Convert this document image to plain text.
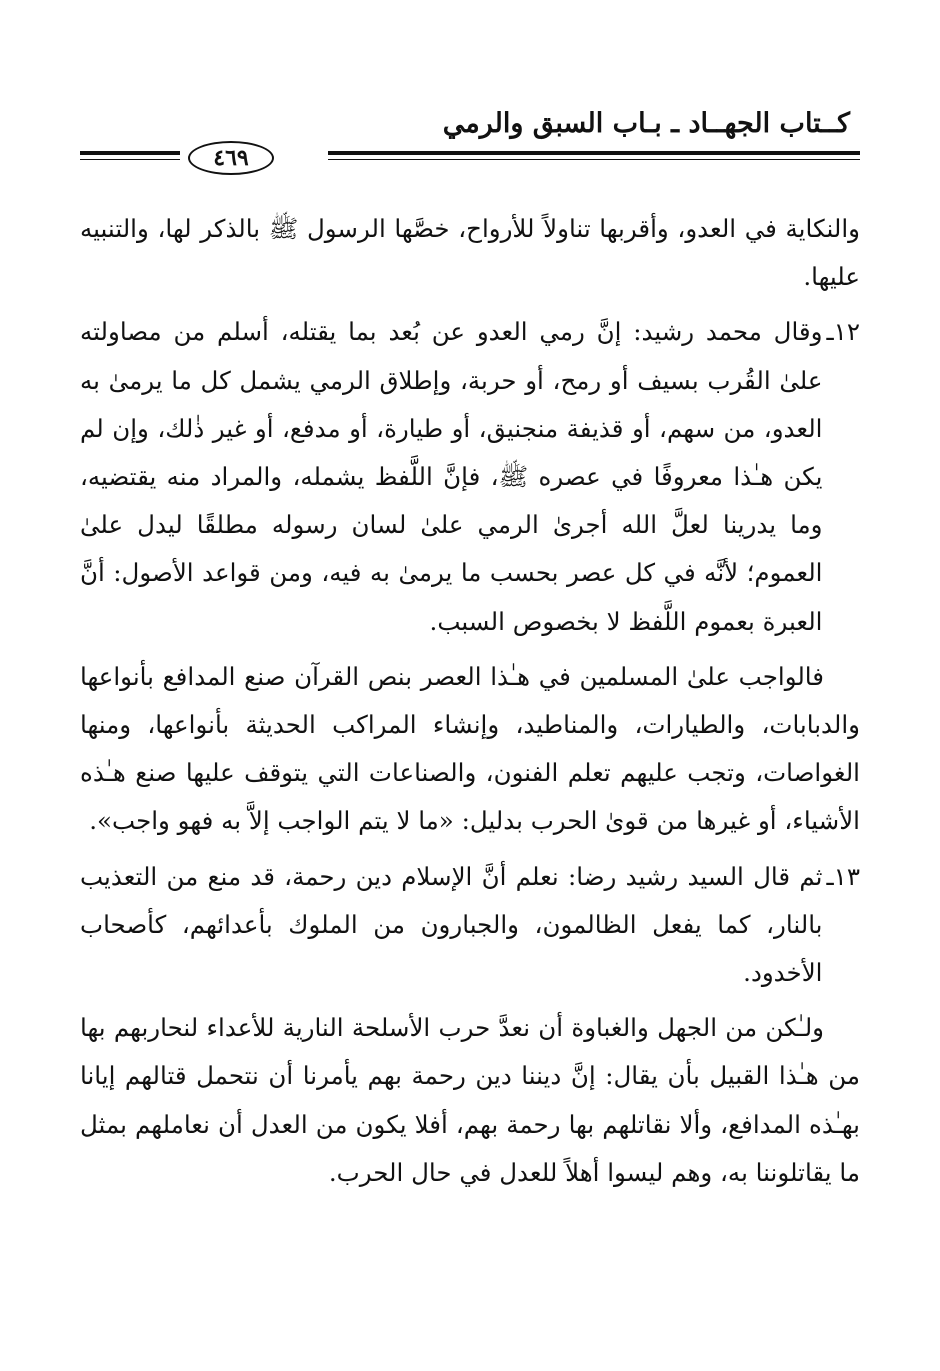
كــتاب الجهــاد ـ بـاب السبق والرمي
٤٦٩

والنكاية في العدو، وأقربها تناولاً للأرواح، خصَّها الرسول ﷺ بالذكر لها، والتنبيه عليها.

١٢ـ
وقال محمد رشيد: إنَّ رمي العدو عن بُعد بما يقتله، أسلم من مصاولته علىٰ القُرب بسيف أو رمح، أو حربة، وإطلاق الرمي يشمل كل ما يرمىٰ به العدو، من سهم، أو قذيفة منجنيق، أو طيارة، أو مدفع، أو غير ذٰلك، وإن لم يكن هـٰذا معروفًا في عصره ﷺ، فإنَّ اللَّفظ يشمله، والمراد منه يقتضيه، وما يدرينا لعلَّ الله أجرىٰ الرمي علىٰ لسان رسوله مطلقًا ليدل علىٰ العموم؛ لأنَّه في كل عصر بحسب ما يرمىٰ به فيه، ومن قواعد الأصول: أنَّ العبرة بعموم اللَّفظ لا بخصوص السبب.

فالواجب علىٰ المسلمين في هـٰذا العصر بنص القرآن صنع المدافع بأنواعها والدبابات، والطيارات، والمناطيد، وإنشاء المراكب الحديثة بأنواعها، ومنها الغواصات، وتجب عليهم تعلم الفنون، والصناعات التي يتوقف عليها صنع هـٰذه الأشياء، أو غيرها من قوىٰ الحرب بدليل: «ما لا يتم الواجب إلاَّ به فهو واجب».

١٣ـ
ثم قال السيد رشيد رضا: نعلم أنَّ الإسلام دين رحمة، قد منع من التعذيب بالنار، كما يفعل الظالمون، والجبارون من الملوك بأعدائهم، كأصحاب الأخدود.

ولـٰكن من الجهل والغباوة أن نعدَّ حرب الأسلحة النارية للأعداء لنحاربهم بها من هـٰذا القبيل بأن يقال: إنَّ ديننا دين رحمة بهم يأمرنا أن نتحمل قتالهم إيانا بهـٰذه المدافع، وألا نقاتلهم بها رحمة بهم، أفلا يكون من العدل أن نعاملهم بمثل ما يقاتلوننا به، وهم ليسوا أهلاً للعدل في حال الحرب.
